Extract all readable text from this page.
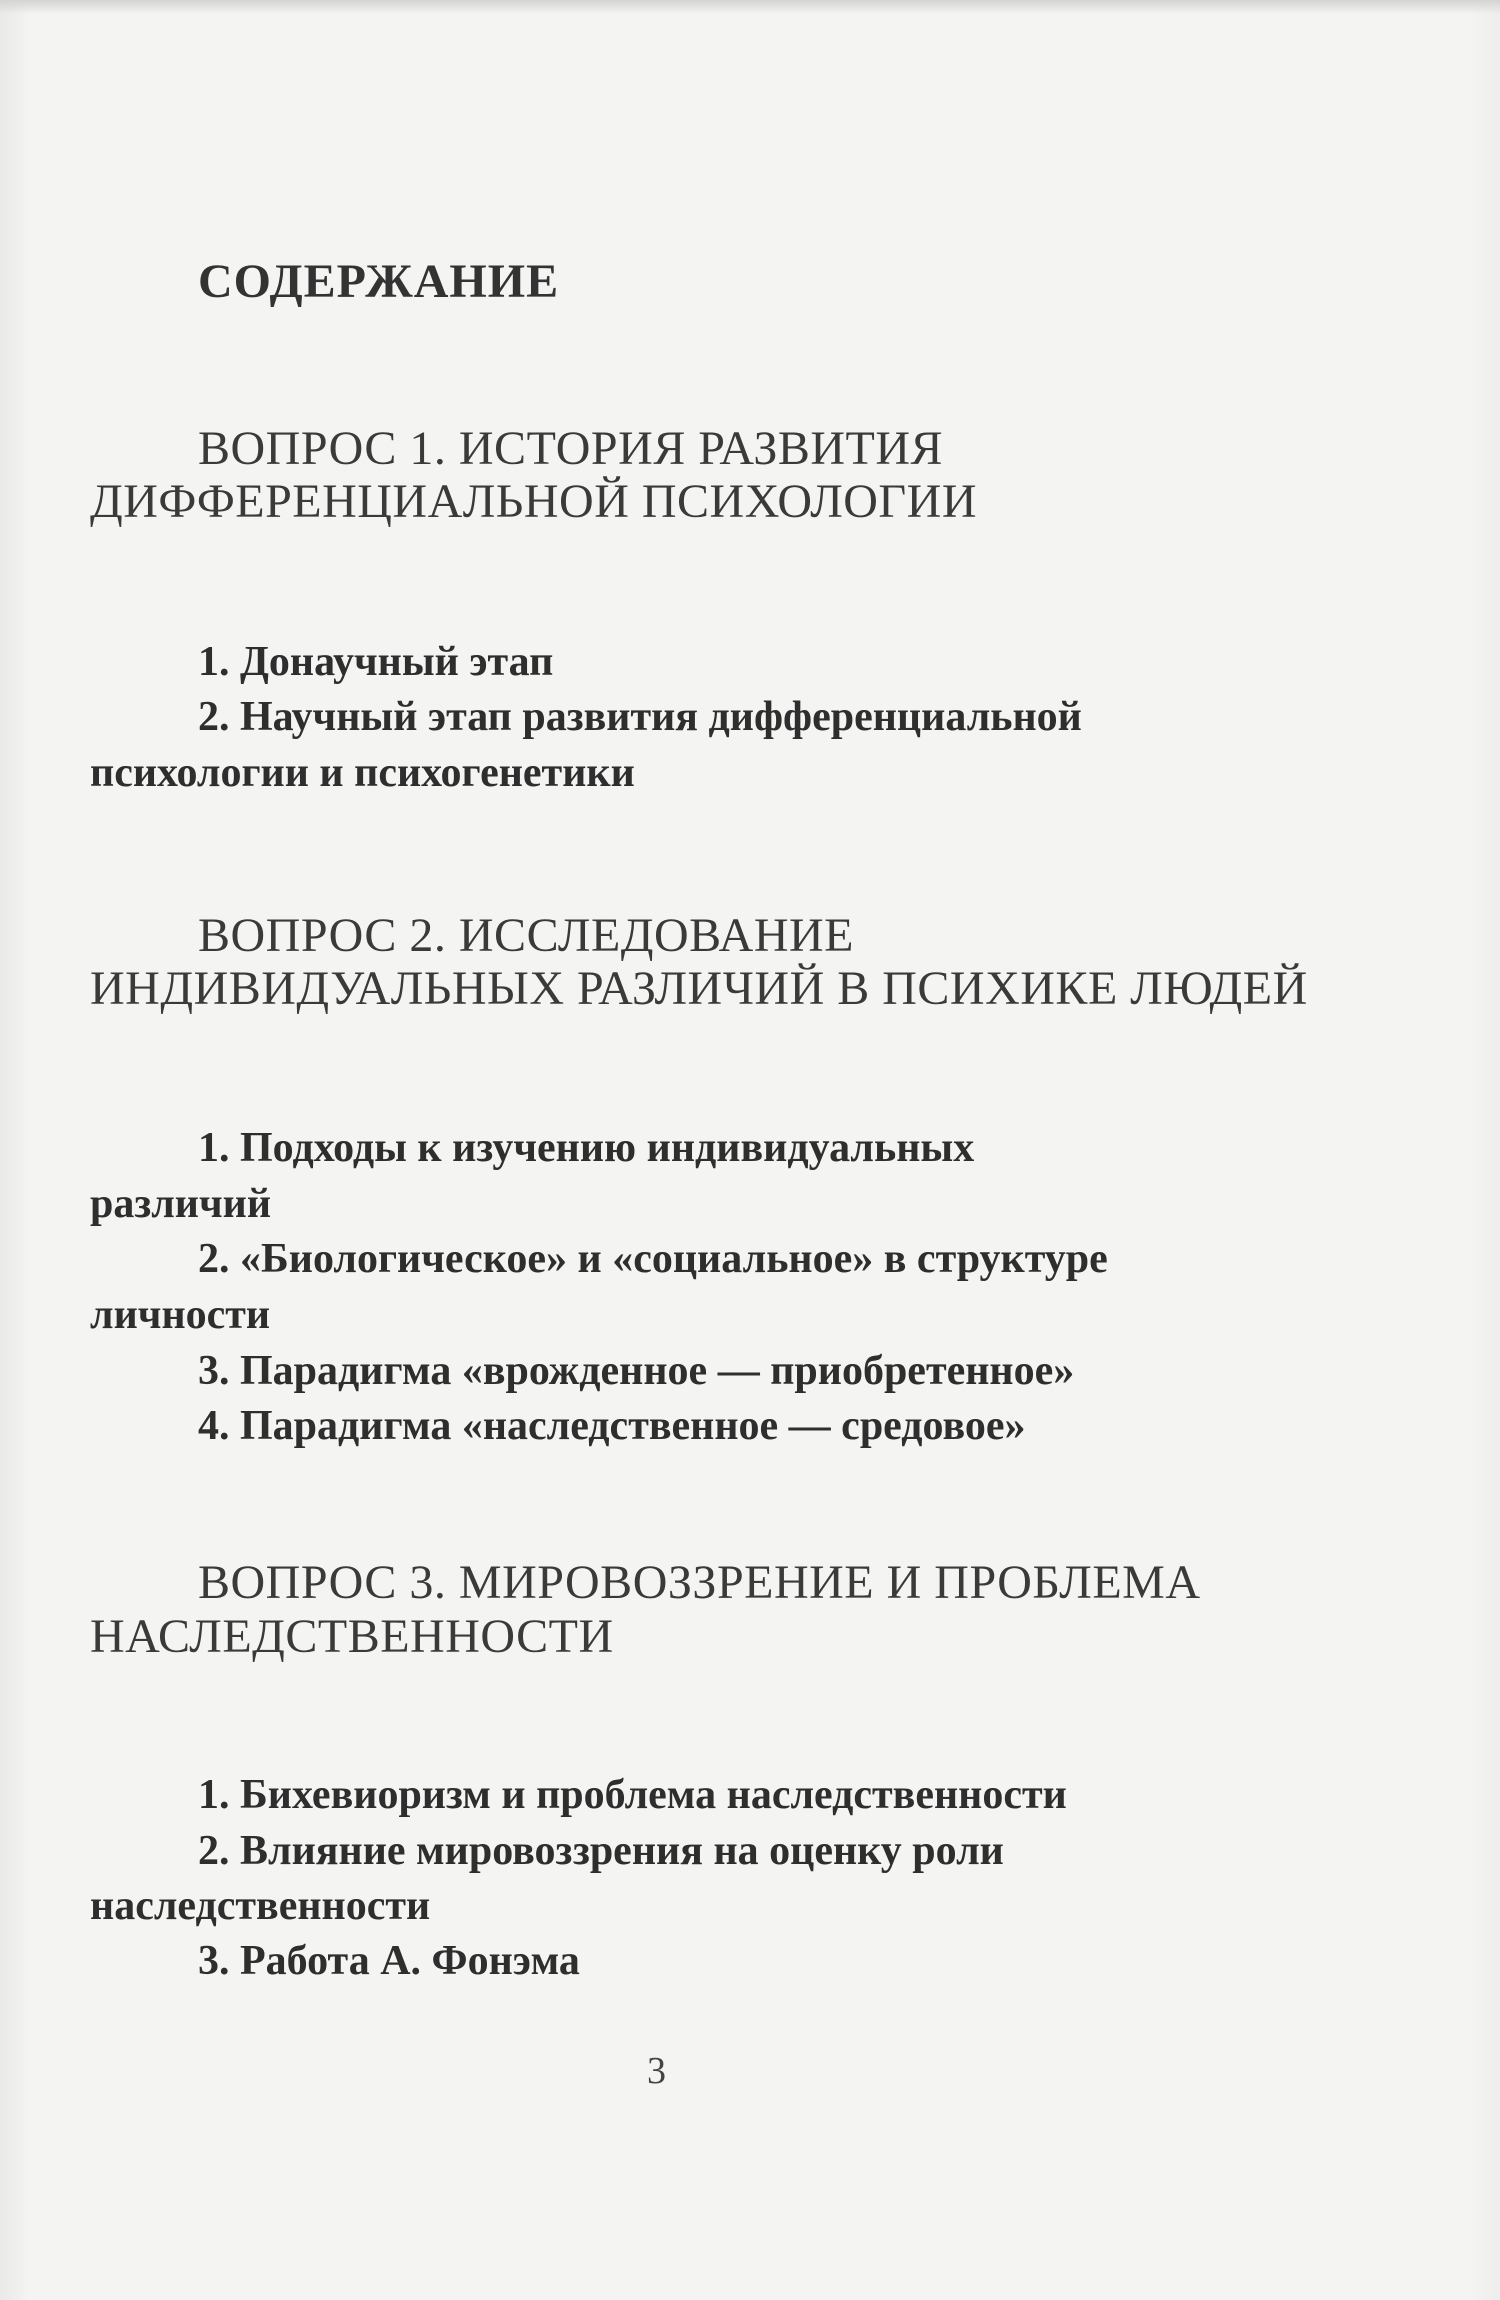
СОДЕРЖАНИЕ
ВОПРОС 1. ИСТОРИЯ РАЗВИТИЯ
ДИФФЕРЕНЦИАЛЬНОЙ ПСИХОЛОГИИ
1. Донаучный этап
2. Научный этап развития дифференциальной
психологии и психогенетики
ВОПРОС 2. ИССЛЕДОВАНИЕ
ИНДИВИДУАЛЬНЫХ РАЗЛИЧИЙ В ПСИХИКЕ ЛЮДЕЙ
1. Подходы к изучению индивидуальных
различий
2. «Биологическое» и «социальное» в структуре
личности
3. Парадигма «врожденное — приобретенное»
4. Парадигма «наследственное — средовое»
ВОПРОС 3. МИРОВОЗЗРЕНИЕ И ПРОБЛЕМА
НАСЛЕДСТВЕННОСТИ
1. Бихевиоризм и проблема наследственности
2. Влияние мировоззрения на оценку роли
наследственности
3. Работа А. Фонэма
3
